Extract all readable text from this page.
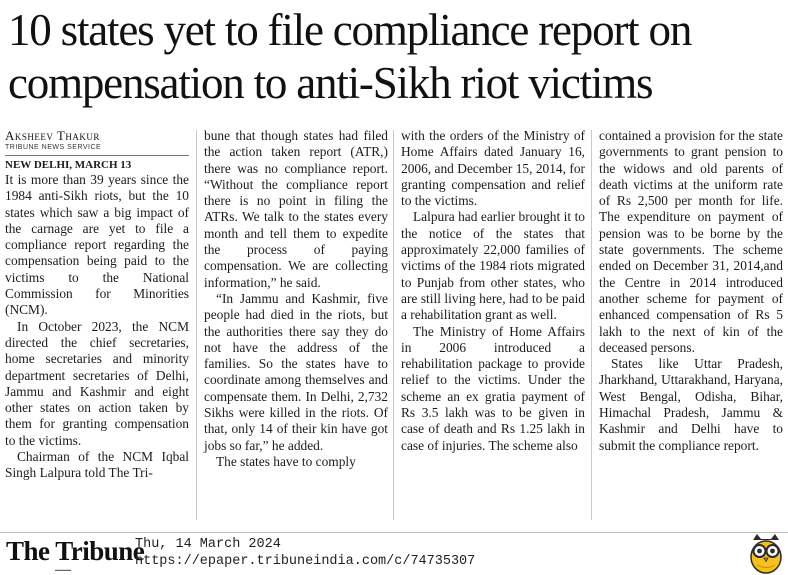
10 states yet to file compliance report on
compensation to anti-Sikh riot victims
Aksheev Thakur
TRIBUNE NEWS SERVICE
NEW DELHI, MARCH 13

It is more than 39 years since the 1984 anti-Sikh riots, but the 10 states which saw a big impact of the carnage are yet to file a compliance report regarding the compensation being paid to the victims to the National Commission for Minorities (NCM).

In October 2023, the NCM directed the chief secretaries, home secretaries and minority department secretaries of Delhi, Jammu and Kashmir and eight other states on action taken by them for granting compensation to the victims.

Chairman of the NCM Iqbal Singh Lalpura told The Tri-

bune that though states had filed the action taken report (ATR,) there was no compliance report. “Without the compliance report there is no point in filing the ATRs. We talk to the states every month and tell them to expedite the process of paying compensation. We are collecting information,” he said.

“In Jammu and Kashmir, five people had died in the riots, but the authorities there say they do not have the address of the families. So the states have to coordinate among themselves and compensate them. In Delhi, 2,732 Sikhs were killed in the riots. Of that, only 14 of their kin have got jobs so far,” he added.

The states have to comply

with the orders of the Ministry of Home Affairs dated January 16, 2006, and December 15, 2014, for granting compensation and relief to the victims.

Lalpura had earlier brought it to the notice of the states that approximately 22,000 families of victims of the 1984 riots migrated to Punjab from other states, who are still living here, had to be paid a rehabilitation grant as well.

The Ministry of Home Affairs in 2006 introduced a rehabilitation package to provide relief to the victims. Under the scheme an ex gratia payment of Rs 3.5 lakh was to be given in case of death and Rs 1.25 lakh in case of injuries. The scheme also

contained a provision for the state governments to grant pension to the widows and old parents of death victims at the uniform rate of Rs 2,500 per month for life. The expenditure on payment of pension was to be borne by the state governments. The scheme ended on December 31, 2014,and the Centre in 2014 introduced another scheme for payment of enhanced compensation of Rs 5 lakh to the next of kin of the deceased persons.

States like Uttar Pradesh, Jharkhand, Uttarakhand, Haryana, West Bengal, Odisha, Bihar, Himachal Pradesh, Jammu & Kashmir and Delhi have to submit the compliance report.

The Tribune
▬▬▬▬
Thu, 14 March 2024
https://epaper.tribuneindia.com/c/74735307
